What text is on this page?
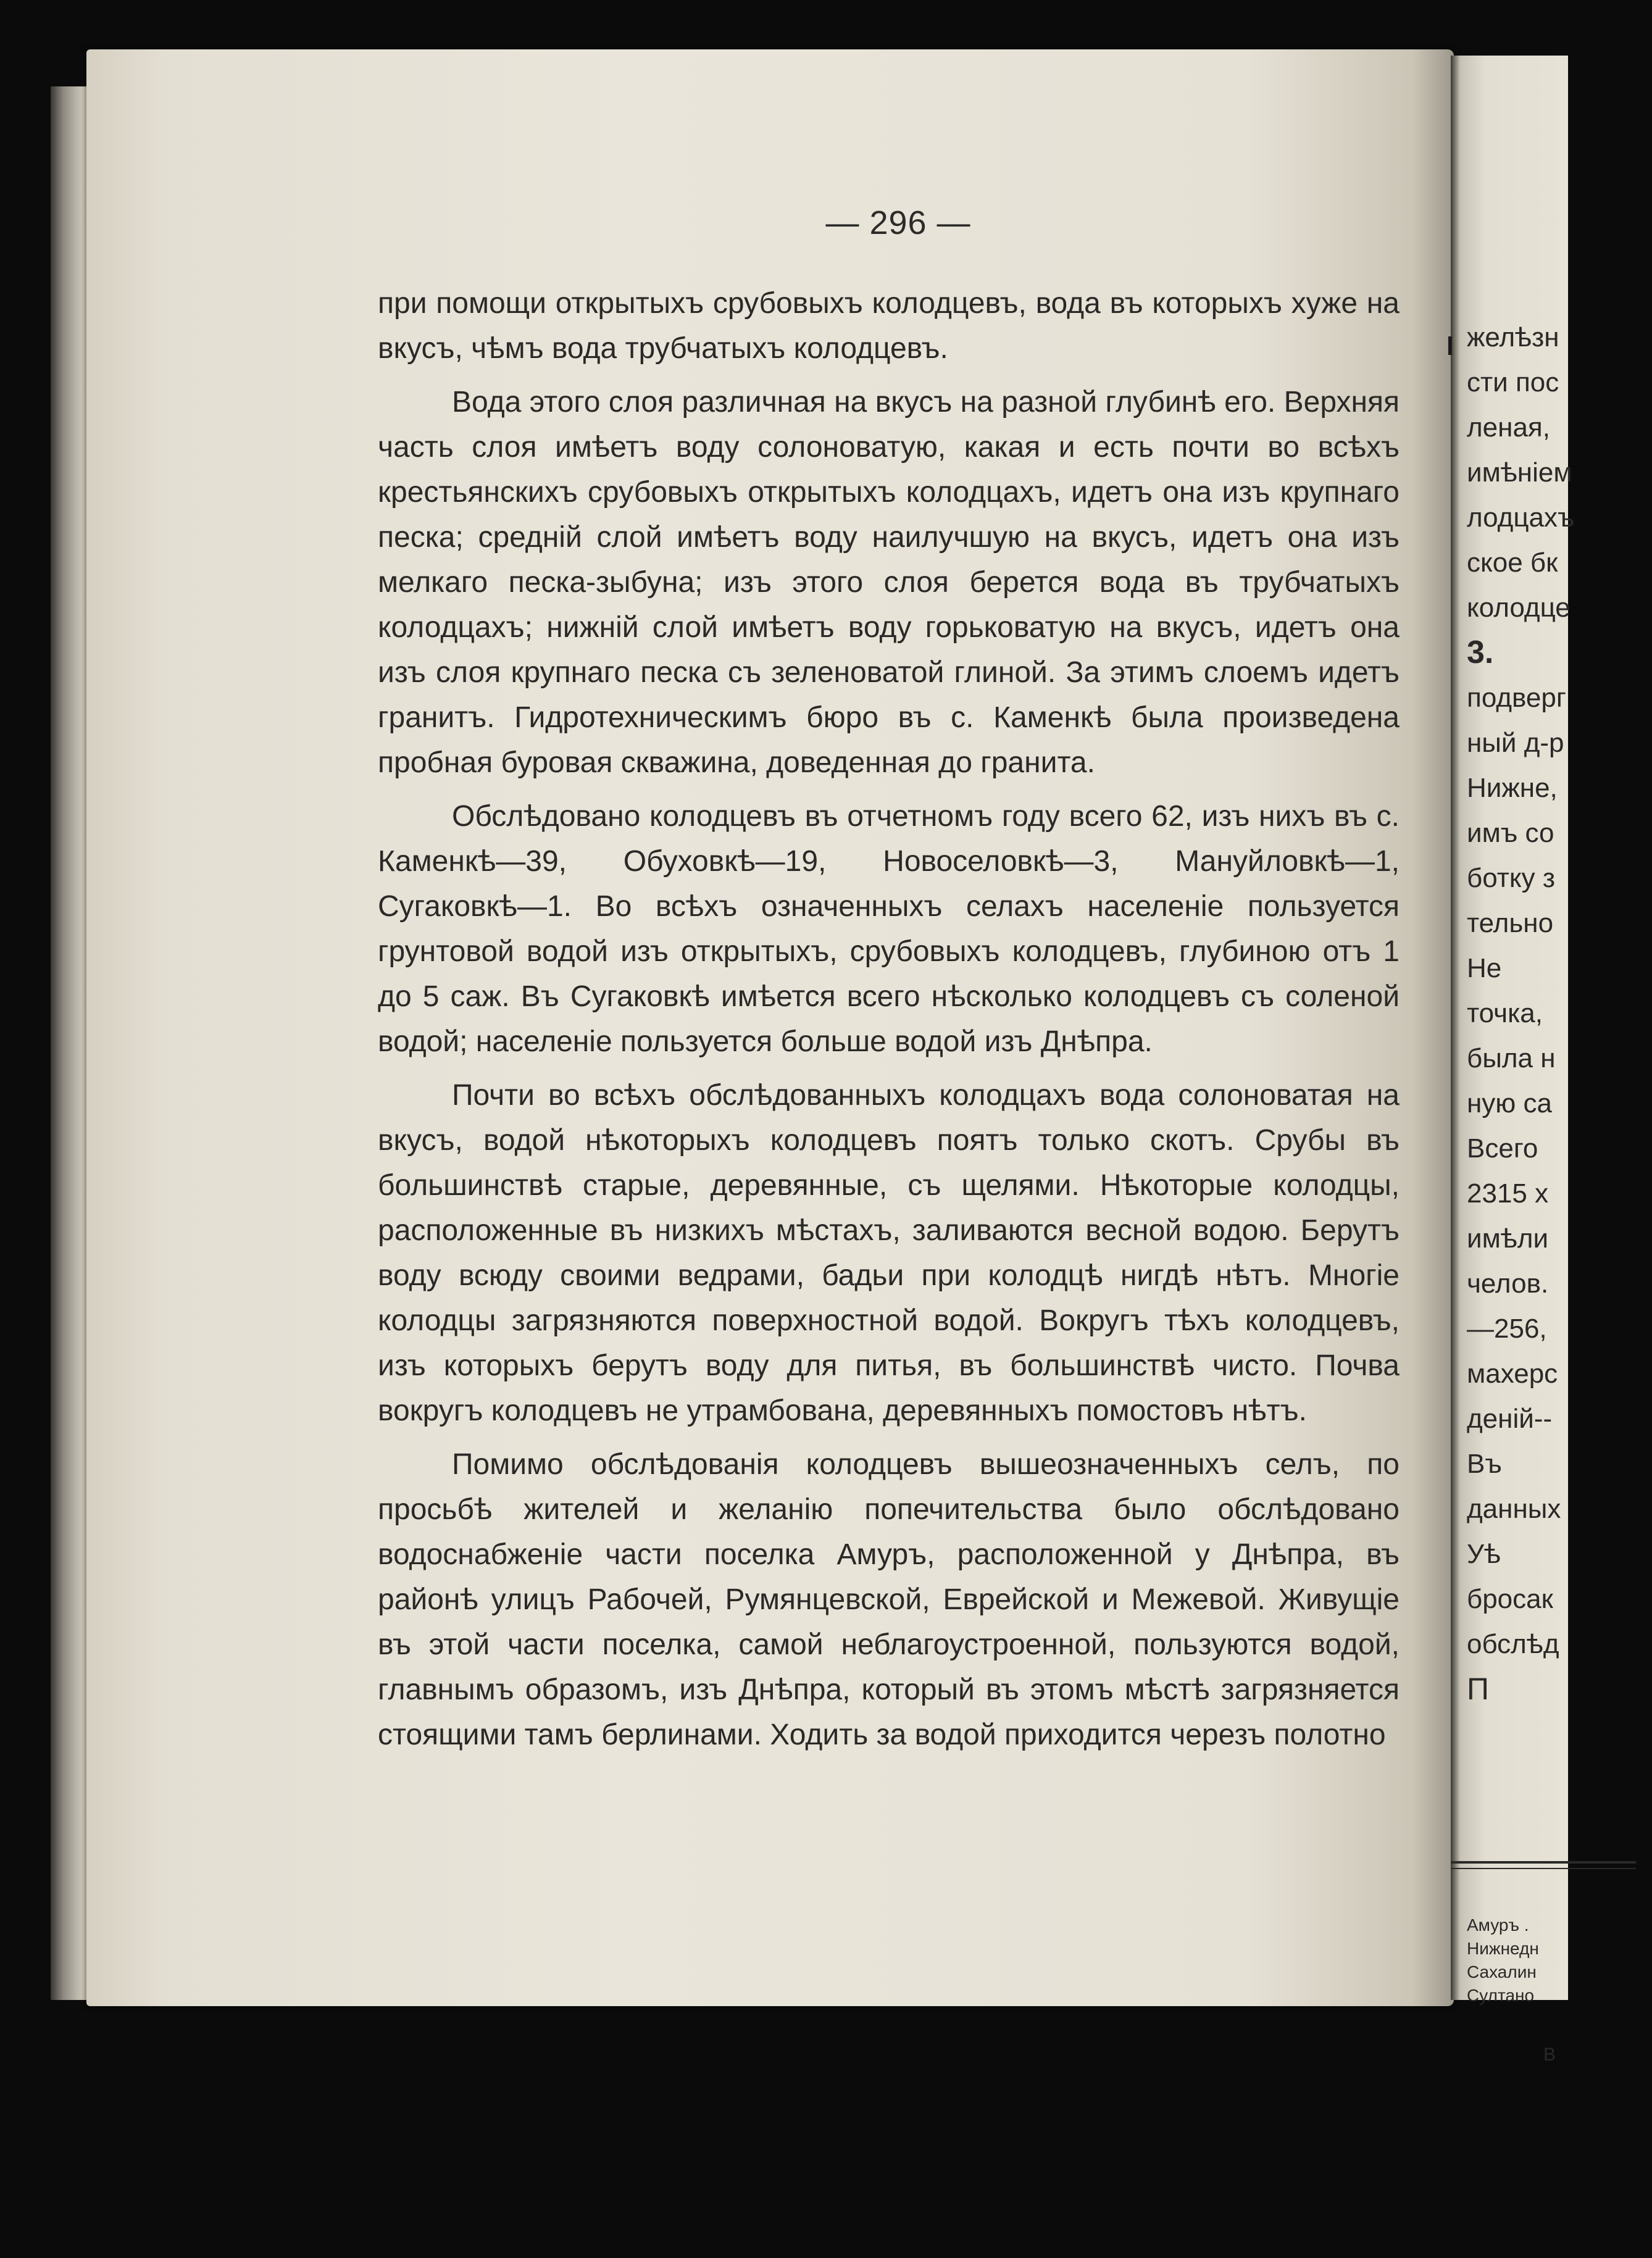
— 296 —

при помощи открытыхъ срубовыхъ колодцевъ, вода въ которыхъ хуже на вкусъ, чѣмъ вода трубчатыхъ колодцевъ.

Вода этого слоя различная на вкусъ на разной глубинѣ его. Верхняя часть слоя имѣетъ воду солоноватую, какая и есть почти во всѣхъ крестьянскихъ срубовыхъ открытыхъ колодцахъ, идетъ она изъ крупнаго песка; средній слой имѣетъ воду наилучшую на вкусъ, идетъ она изъ мелкаго песка-зыбуна; изъ этого слоя берется вода въ трубчатыхъ колодцахъ; нижній слой имѣетъ воду горьковатую на вкусъ, идетъ она изъ слоя крупнаго песка съ зеленоватой глиной. За этимъ слоемъ идетъ гранитъ. Гидротехническимъ бюро въ с. Каменкѣ была произведена пробная буровая скважина, доведенная до гранита.

Обслѣдовано колодцевъ въ отчетномъ году всего 62, изъ нихъ въ с. Каменкѣ—39, Обуховкѣ—19, Новоселовкѣ—3, Мануйловкѣ—1, Сугаковкѣ—1. Во всѣхъ означенныхъ селахъ населеніе пользуется грунтовой водой изъ открытыхъ, срубовыхъ колодцевъ, глубиною отъ 1 до 5 саж. Въ Сугаковкѣ имѣется всего нѣсколько колодцевъ съ соленой водой; населеніе пользуется больше водой изъ Днѣпра.

Почти во всѣхъ обслѣдованныхъ колодцахъ вода солоноватая на вкусъ, водой нѣкоторыхъ колодцевъ поятъ только скотъ. Срубы въ большинствѣ старые, деревянные, съ щелями. Нѣкоторые колодцы, расположенные въ низкихъ мѣстахъ, заливаются весной водою. Берутъ воду всюду своими ведрами, бадьи при колодцѣ нигдѣ нѣтъ. Многіе колодцы загрязняются поверхностной водой. Вокругъ тѣхъ колодцевъ, изъ которыхъ берутъ воду для питья, въ большинствѣ чисто. Почва вокругъ колодцевъ не утрамбована, деревянныхъ помостовъ нѣтъ.

Помимо обслѣдованія колодцевъ вышеозначенныхъ селъ, по просьбѣ жителей и желанію попечительства было обслѣдовано водоснабженіе части поселка Амуръ, расположенной у Днѣпра, въ районѣ улицъ Рабочей, Румянцевской, Еврейской и Межевой. Живущіе въ этой части поселка, самой неблагоустроенной, пользуются водой, главнымъ образомъ, изъ Днѣпра, который въ этомъ мѣстѣ загрязняется стоящими тамъ берлинами. Ходить за водой приходится черезъ полотно

желѣзн
сти пос
леная,
имѣніем
лодцахъ
ское бк
колодце
3.
подверг
ный д-р
Нижне,
имъ со
ботку з
тельно
Не
точка,
была н
ную са
Всего
2315 х
имѣли
челов.
—256,
махерс
деній--
Въ
данных
Уѣ
бросак
обслѣд
П
Амуръ .
Нижнедн
Сахалин
Султано
В
